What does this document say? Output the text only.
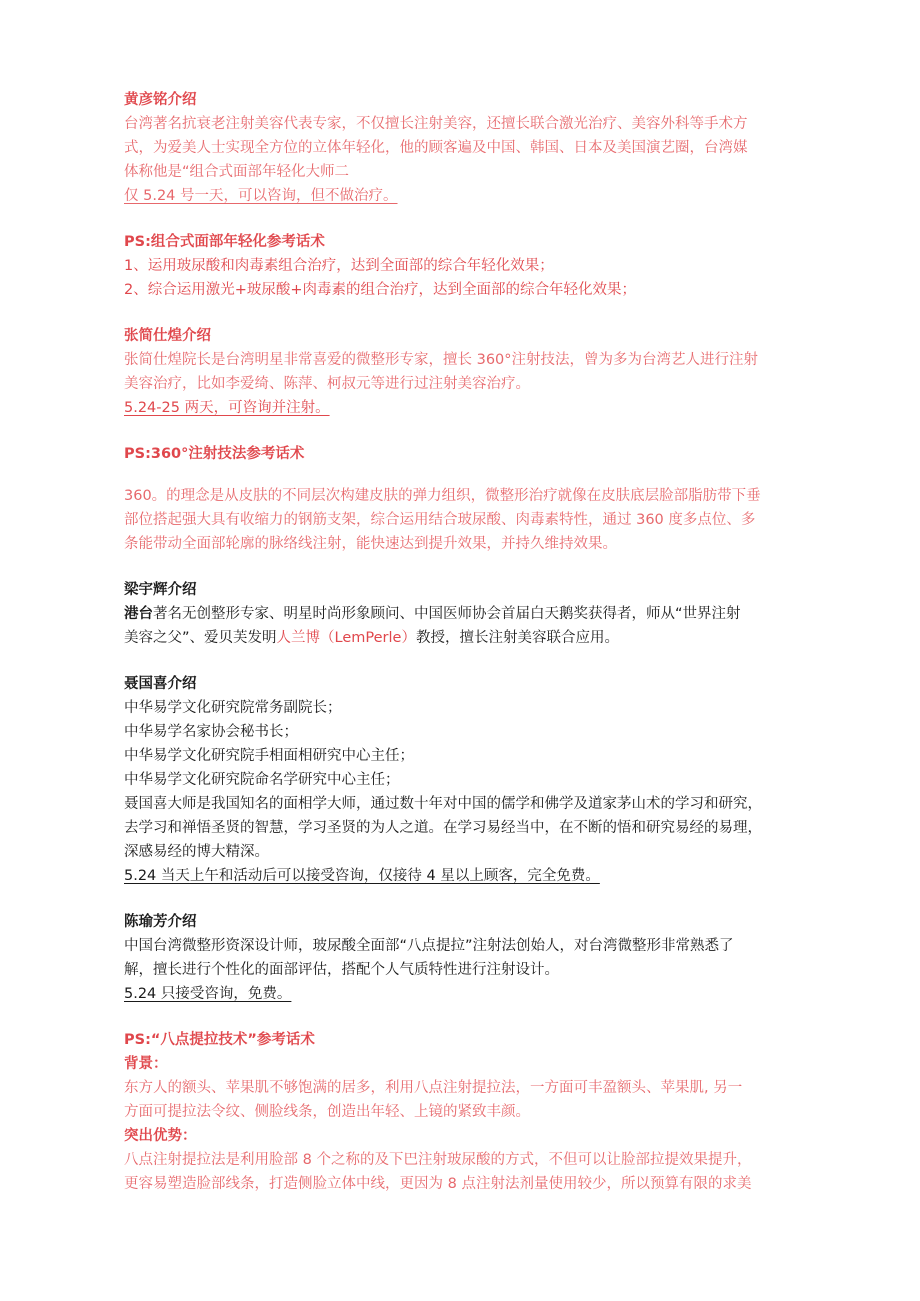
黄彦铭介绍
台湾著名抗衰老注射美容代表专家，不仅擅长注射美容，还擅长联合激光治疗、美容外科等手术方
式，为爱美人士实现全方位的立体年轻化，他的顾客遍及中国、韩国、日本及美国演艺圈，台湾媒
体称他是“组合式面部年轻化大师二
仅 5.24 号一天，可以咨询，但不做治疗。
PS:组合式面部年轻化参考话术
1、运用玻尿酸和肉毒素组合治疗，达到全面部的综合年轻化效果；
2、综合运用激光+玻尿酸+肉毒素的组合治疗，达到全面部的综合年轻化效果；
张简仕煌介绍
张简仕煌院长是台湾明星非常喜爱的微整形专家，擅长 360°注射技法，曾为多为台湾艺人进行注射
美容治疗，比如李爱绮、陈萍、柯叔元等进行过注射美容治疗。
5.24-25 两天，可咨询并注射。
PS:360°注射技法参考话术
360。的理念是从皮肤的不同层次构建皮肤的弹力组织，微整形治疗就像在皮肤底层脸部脂肪带下垂
部位搭起强大具有收缩力的钢筋支架，综合运用结合玻尿酸、肉毒素特性，通过 360 度多点位、多
条能带动全面部轮廓的脉络线注射，能快速达到提升效果，并持久维持效果。
梁宇辉介绍
港台著名无创整形专家、明星时尚形象顾问、中国医师协会首届白天鹅奖获得者，师从“世界注射
美容之父”、爱贝芙发明人兰博（LemPerle）教授，擅长注射美容联合应用。
聂国喜介绍
中华易学文化研究院常务副院长；
中华易学名家协会秘书长；
中华易学文化研究院手相面相研究中心主任；
中华易学文化研究院命名学研究中心主任；
聂国喜大师是我国知名的面相学大师，通过数十年对中国的儒学和佛学及道家茅山术的学习和研究，
去学习和禅悟圣贤的智慧，学习圣贤的为人之道。在学习易经当中，在不断的悟和研究易经的易理，
深感易经的博大精深。
5.24 当天上午和活动后可以接受咨询，仅接待 4 星以上顾客，完全免费。
陈瑜芳介绍
中国台湾微整形资深设计师，玻尿酸全面部“八点提拉”注射法创始人，对台湾微整形非常熟悉了
解，擅长进行个性化的面部评估，搭配个人气质特性进行注射设计。
5.24 只接受咨询，免费。
PS:“八点提拉技术”参考话术
背景：
东方人的额头、苹果肌不够饱满的居多，利用八点注射提拉法，一方面可丰盈额头、苹果肌, 另一
方面可提拉法令纹、侧脸线条，创造出年轻、上镜的紧致丰颜。
突出优势：
八点注射提拉法是利用脸部 8 个之称的及下巴注射玻尿酸的方式，不但可以让脸部拉提效果提升，
更容易塑造脸部线条，打造侧脸立体中线，更因为 8 点注射法剂量使用较少，所以预算有限的求美
